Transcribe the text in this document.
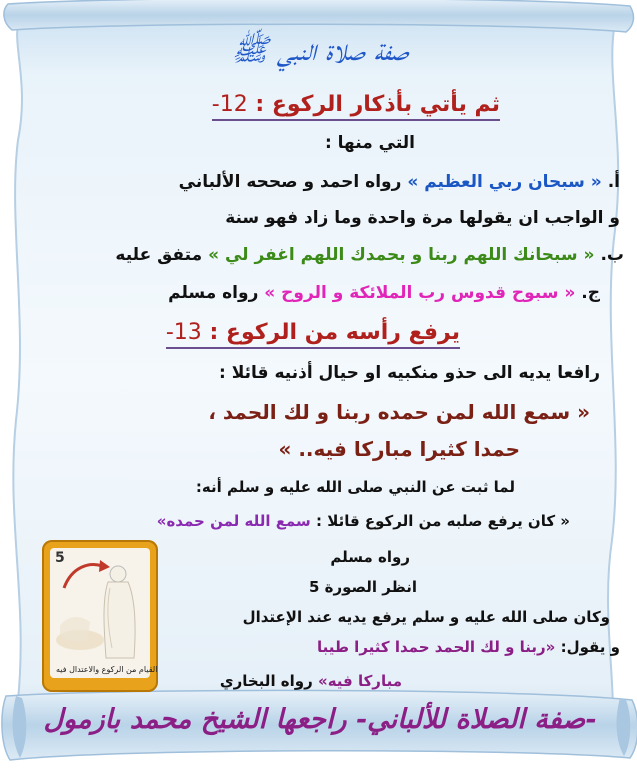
صفة صلاة النبي ﷺ
ثم يأتي بأذكار الركوع : 12-
التي منها :
أ. « سبحان ربي العظيم » رواه احمد و صححه الألباني
و الواجب ان يقولها مرة واحدة وما زاد فهو سنة
ب. « سبحانك اللهم ربنا و بحمدك اللهم اغفر لي » متفق عليه
ج. « سبوح قدوس رب الملائكة و الروح » رواه مسلم
يرفع رأسه من الركوع : 13-
رافعا يديه الى حذو منكبيه او حيال أذنيه قائلا :
« سمع الله لمن حمده ربنا و لك الحمد ،
حمدا كثيرا مباركا فيه.. »
لما ثبت عن النبي صلى الله عليه و سلم أنه:
« كان يرفع صلبه من الركوع قائلا : سمع الله لمن حمده»
رواه مسلم
انظر الصورة 5
وكان صلى الله عليه و سلم يرفع يديه عند الإعتدال
و يقول: «ربنا و لك الحمد حمدا كثيرا طيبا
مباركا فيه» رواه البخاري
-صفة الصلاة للألباني- راجعها الشيخ محمد بازمول
5
القيام من الركوع والاعتدال فيه
